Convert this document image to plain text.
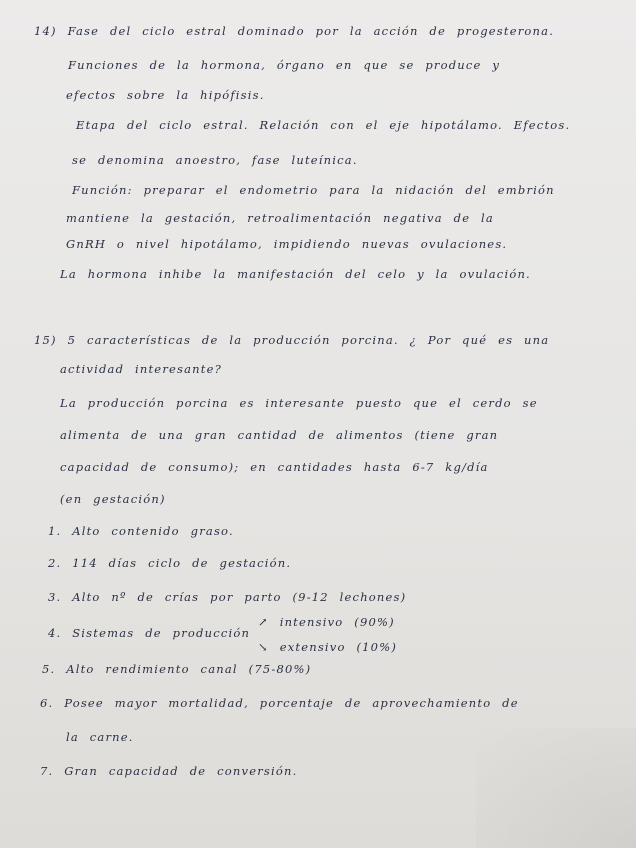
14) Fase del ciclo estral dominado por la acción de progesterona.
Funciones de la hormona, órgano en que se produce y
efectos sobre la hipófisis.
Etapa del ciclo estral. Relación con el eje hipotálamo. Efectos.
se denomina anoestro, fase luteínica.
Función: preparar el endometrio para la nidación del embrión
mantiene la gestación, retroalimentación negativa de la
GnRH o nivel hipotálamo, impidiendo nuevas ovulaciones.
La hormona inhibe la manifestación del celo y la ovulación.
15) 5 características de la producción porcina. ¿ Por qué es una
actividad interesante?
La producción porcina es interesante puesto que el cerdo se
alimenta de una gran cantidad de alimentos (tiene gran
capacidad de consumo); en cantidades hasta 6-7 kg/día
(en gestación)
1. Alto contenido graso.
2. 114 días ciclo de gestación.
3. Alto nº de crías por parto (9-12 lechones)
↗ intensivo (90%)
4. Sistemas de producción
↘ extensivo (10%)
5. Alto rendimiento canal (75-80%)
6. Posee mayor mortalidad, porcentaje de aprovechamiento de
la carne.
7. Gran capacidad de conversión.
